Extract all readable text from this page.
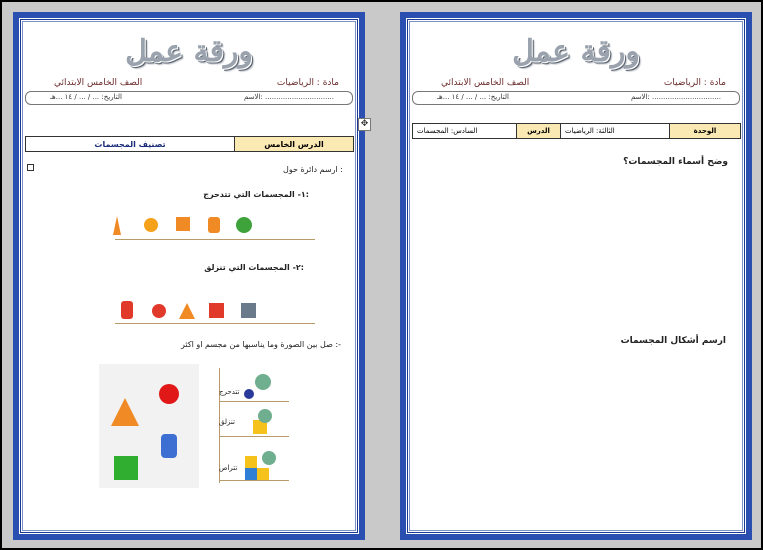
ورقة عمل
مادة : الرياضيات
الصف الخامس الابتدائي
الاسم: ...............................
التاريخ: ... / ... / ١٤ ...هـ
تصنيف المجسمات	الدرس الخامس
ارسم دائرة حول :
١- المجسمات التي تتدحرج:
٢- المجسمات التي تنزلق:
صل بين الصورة وما يناسبها من مجسم او اكثر :-
تتدحرج
تنزلق
تتراص
✥
ورقة عمل
مادة : الرياضيات
الصف الخامس الابتدائي
الاسم: ...............................
التاريخ: ... / ... / ١٤ ...هـ
السادس: المجسمات	الدرس	الثالثة: الرياضيات	الوحدة
وضح أسماء المجسمات؟
ارسم أشكال المجسمات
